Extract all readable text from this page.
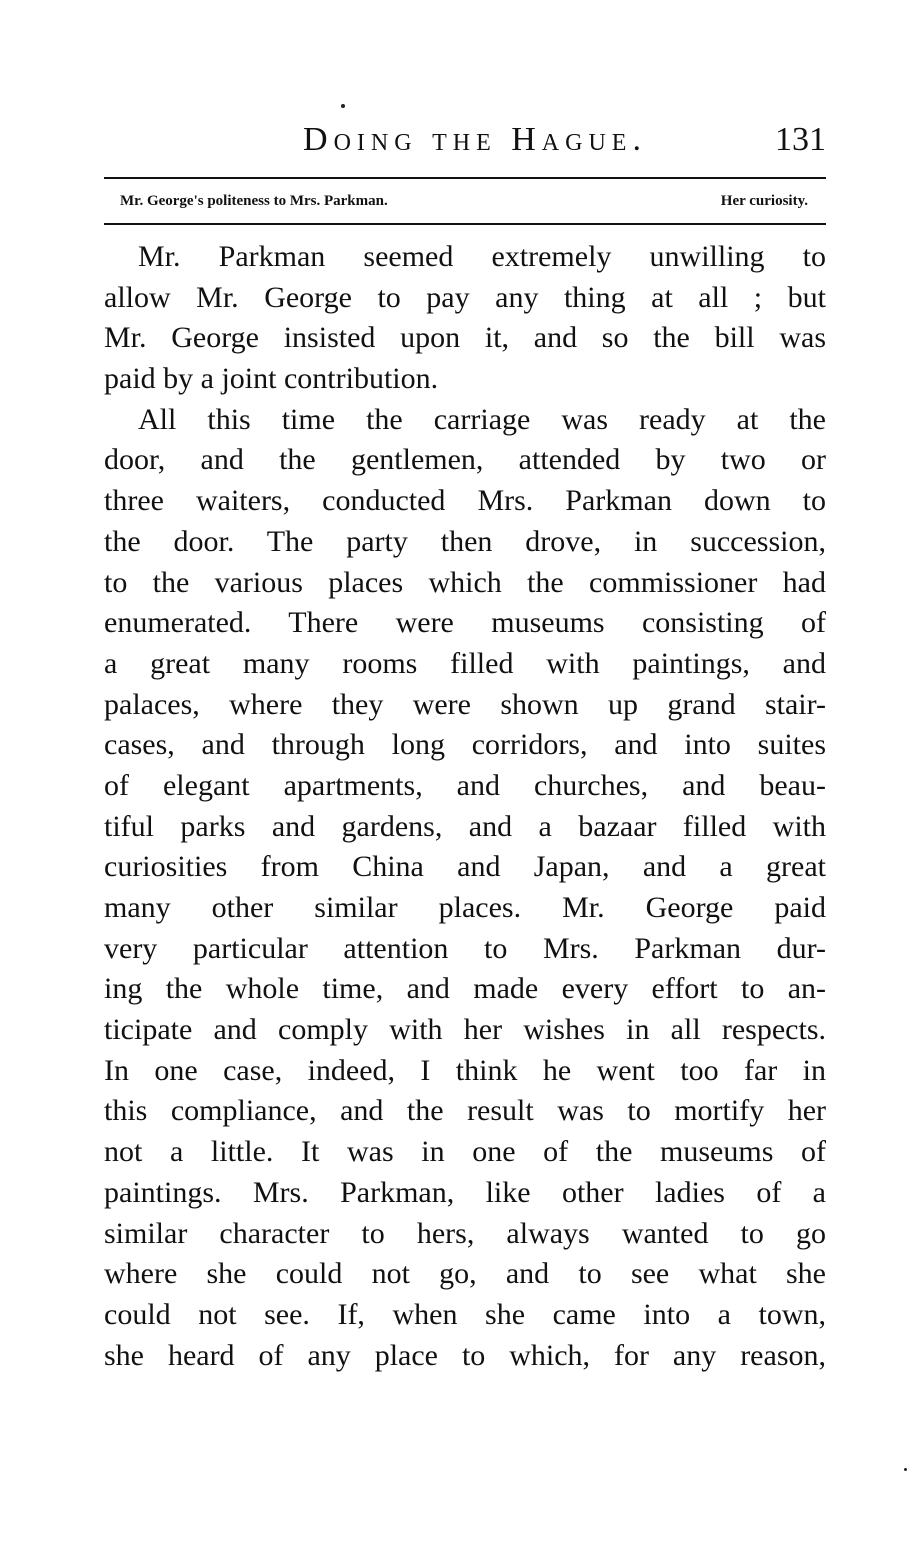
Doing the Hague.	131
Mr. George's politeness to Mrs. Parkman.	Her curiosity.
Mr. Parkman seemed extremely unwilling to
allow Mr. George to pay any thing at all ; but
Mr. George insisted upon it, and so the bill was
paid by a joint contribution.
All this time the carriage was ready at the
door, and the gentlemen, attended by two or
three waiters, conducted Mrs. Parkman down to
the door. The party then drove, in succession,
to the various places which the commissioner had
enumerated. There were museums consisting of
a great many rooms filled with paintings, and
palaces, where they were shown up grand stair-
cases, and through long corridors, and into suites
of elegant apartments, and churches, and beau-
tiful parks and gardens, and a bazaar filled with
curiosities from China and Japan, and a great
many other similar places. Mr. George paid
very particular attention to Mrs. Parkman dur-
ing the whole time, and made every effort to an-
ticipate and comply with her wishes in all respects.
In one case, indeed, I think he went too far in
this compliance, and the result was to mortify her
not a little. It was in one of the museums of
paintings. Mrs. Parkman, like other ladies of a
similar character to hers, always wanted to go
where she could not go, and to see what she
could not see. If, when she came into a town,
she heard of any place to which, for any reason,
